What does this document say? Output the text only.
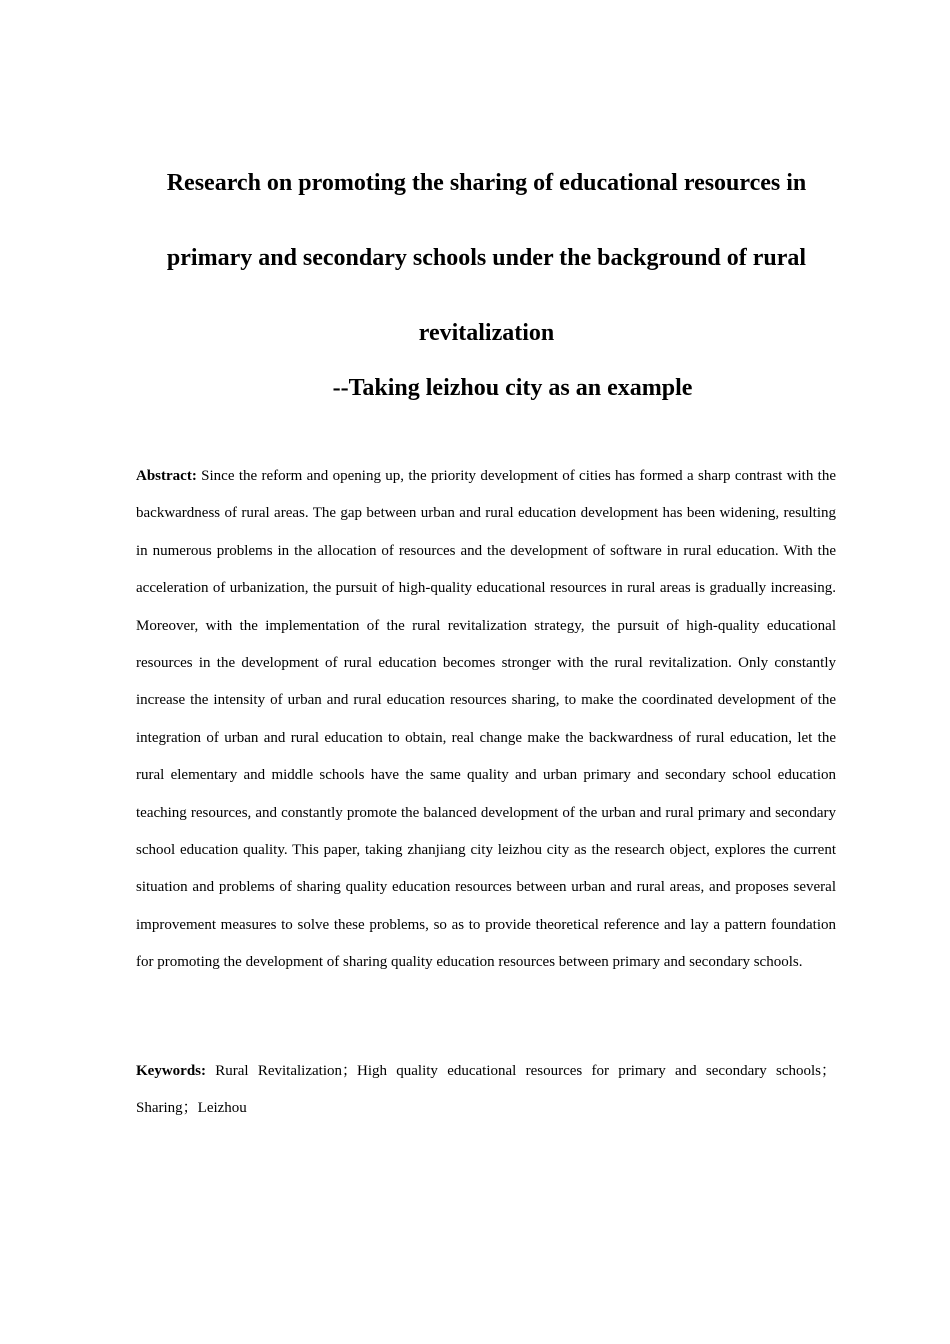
Research on promoting the sharing of educational resources in

primary and secondary schools under the background of rural

revitalization

--Taking leizhou city as an example

Abstract: Since the reform and opening up, the priority development of cities has formed a sharp contrast with the backwardness of rural areas. The gap between urban and rural education development has been widening, resulting in numerous problems in the allocation of resources and the development of software in rural education. With the acceleration of urbanization, the pursuit of high-quality educational resources in rural areas is gradually increasing. Moreover, with the implementation of the rural revitalization strategy, the pursuit of high-quality educational resources in the development of rural education becomes stronger with the rural revitalization. Only constantly increase the intensity of urban and rural education resources sharing, to make the coordinated development of the integration of urban and rural education to obtain, real change make the backwardness of rural education, let the rural elementary and middle schools have the same quality and urban primary and secondary school education teaching resources, and constantly promote the balanced development of the urban and rural primary and secondary school education quality. This paper, taking zhanjiang city leizhou city as the research object, explores the current situation and problems of sharing quality education resources between urban and rural areas, and proposes several improvement measures to solve these problems, so as to provide theoretical reference and lay a pattern foundation for promoting the development of sharing quality education resources between primary and secondary schools.

Keywords: Rural Revitalization；High quality educational resources for primary and secondary schools；Sharing；Leizhou
